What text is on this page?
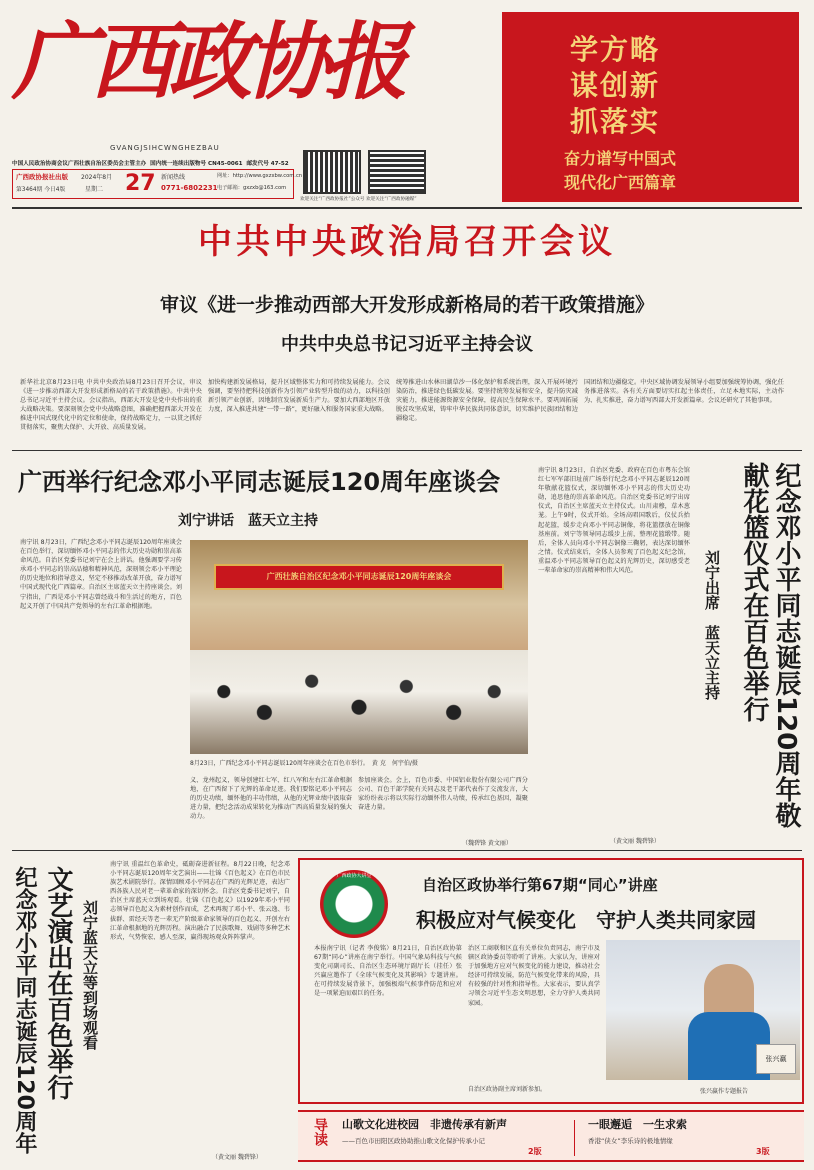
广西政协报
GVANGJSIHCWNGHEZBAU
中国人民政治协商会议广西壮族自治区委员会主管主办 国内统一连续出版物号 CN45-0061 邮发代号 47-52
广西政协报社出版
第3464期 今日4版
2024年8月
星期二 27 新闻热线
0771-6802231
网址：http://www.gxzxbw.com.cn
电子邮箱：gxzxb@163.com
欢迎关注“广西政协报社”公众号 欢迎关注“广西政协融媒”
学方略
谋创新
抓落实
奋力谱写中国式
现代化广西篇章
中共中央政治局召开会议
审议《进一步推动西部大开发形成新格局的若干政策措施》
中共中央总书记习近平主持会议
新华社北京8月23日电 中共中央政治局8月23日召开会议，审议《进一步推动西部大开发形成新格局的若干政策措施》。中共中央总书记习近平主持会议。会议指出，西部大开发是党中央作出的重大战略决策。要深刻领会党中央战略意图，准确把握西部大开发在推进中国式现代化中的定位和使命，保持战略定力，一以贯之抓好贯彻落实，聚焦大保护、大开放、高质量发展。
加快构建新发展格局，提升区域整体实力和可持续发展能力。会议强调，要坚持把科技创新作为引领产业转型升级的动力，以科技创新引领产业创新，因地制宜发展新质生产力。要加大西部地区开放力度，深入推进共建“一带一路”，更好融入和服务国家重大战略。
统筹推进山水林田湖草沙一体化保护和系统治理，深入开展环境污染防治，推进绿色低碳发展。要坚持统筹发展和安全，提升防灾减灾能力，推进能源资源安全保障，提高民生保障水平。要巩固拓展脱贫攻坚成果，铸牢中华民族共同体意识，切实维护民族团结和边疆稳定。
国团结和边疆稳定。中央区域协调发展领导小组要加强统筹协调，强化任务推进落实。各有关方面要切实扛起主体责任，立足本地实际，主动作为、扎实推进，奋力谱写西部大开发新篇章。会议还研究了其他事项。
广西举行纪念邓小平同志诞辰120周年座谈会
刘宁讲话　蓝天立主持
南宁讯 8月23日，广西纪念邓小平同志诞辰120周年座谈会在百色举行，深切缅怀邓小平同志的伟大历史功勋和崇高革命风范。自治区党委书记刘宁在会上讲话。他强调要学习传承邓小平同志的崇高品德和精神风范，深刻领会邓小平理论的历史地位和指导意义，坚定不移推动改革开放，奋力谱写中国式现代化广西篇章。自治区主席蓝天立主持座谈会。刘宁指出，广西是邓小平同志曾经战斗和生活过的地方，百色起义开创了中国共产党领导的左右江革命根据地。
广西壮族自治区纪念邓小平同志诞辰120周年座谈会
8月23日，广西纪念邓小平同志诞辰120周年座谈会在百色市举行。　黄 克　何宇伯/摄
义、龙州起义，领导创建红七军、红八军和左右江革命根据地，在广西留下了光辉的革命足迹。我们要铭记邓小平同志的历史功绩，缅怀他的丰功伟绩，从他的光辉业绩中汲取奋进力量，把纪念活动成果转化为推动广西高质量发展的强大动力。
参加座谈会。会上，百色市委、中国铝业股份有限公司广西分公司、百色干部学院有关同志及老干部代表作了交流发言，大家纷纷表示将以实际行动缅怀伟人功绩，传承红色基因，凝聚奋进力量。
（魏碧锋 黄文丽）
南宁讯 8月23日，自治区党委、政府在百色市粤东会馆红七军军部旧址前广场举行纪念邓小平同志诞辰120周年敬献花篮仪式，深切缅怀邓小平同志的伟大历史功勋，追思他的崇高革命风范。自治区党委书记刘宁出席仪式，自治区主席蓝天立主持仪式。山川肃穆，草木葱茏。上午9时，仪式开始。全场高唱国歌后，仪仗兵抬起花篮，缓步走向邓小平同志铜像，将花篮摆放在铜像基座前。刘宁等领导同志缓步上前，整理花篮缎带。随后，全体人员向邓小平同志铜像三鞠躬，表达深切缅怀之情。仪式结束后，全体人员参观了百色起义纪念馆，重温邓小平同志领导百色起义的光辉历史，深切感受老一辈革命家的崇高精神和伟大风范。
（黄文丽 魏碧锋）
刘宁出席　蓝天立主持	纪念邓小平同志诞辰120周年敬献花篮仪式在百色举行
纪念邓小平同志诞辰120周年 文艺演出在百色举行 刘宁蓝天立等到场观看
南宁讯 重温红色革命史，砥砺奋进新征程。8月22日晚，纪念邓小平同志诞辰120周年文艺演出——壮锦《百色起义》在百色市民族艺术剧院举行。深情回顾邓小平同志在广西的光辉足迹，表达广西各族人民对老一辈革命家的深切怀念。自治区党委书记刘宁，自治区主席蓝天立到场观看。壮锦《百色起义》以1929年邓小平同志领导百色起义为素材创作而成，艺术再现了邓小平、张云逸、韦拔群、雷经天等老一辈无产阶级革命家领导的百色起义、开创左右江革命根据地的光辉历程。演出融合了民族歌舞、戏剧等多种艺术形式，气势恢宏、感人至深，赢得现场观众阵阵掌声。
（黄文丽 魏碧锋）
广西政协大讲堂	自治区政协举行第67期“同心”讲座
积极应对气候变化　守护人类共同家园
本报南宁讯（记者 李俊铭）8月21日，自治区政协第67期“同心”讲座在南宁举行。中国气象局科技与气候变化司副司长、自治区生态环境厅副厅长（挂任）张兴赢应邀作了《全球气候变化及其影响》专题讲座。在可持续发展背景下，加强极端气候事件防范和应对是一项紧迫而艰巨的任务。
治区工商联和区直有关单位负责同志，南宁市及辖区政协委员等聆听了讲座。大家认为，讲座对于加强地方应对气候变化的能力建设，推动社会经济可持续发展，防范气候变化带来的风险，具有较强的针对性和指导性。大家表示，要认真学习领会习近平生态文明思想，全力守护人类共同家园。
自治区政协副主席刘新参加。
张兴赢
张兴赢作专题报告
导读 山歌文化进校园　非遗传承有新声
——百色市田阳区政协助推山歌文化保护传承小记
2版
一眼邂逅　一生求索
香港“侠女”李乐诗的极地情缘
3版
